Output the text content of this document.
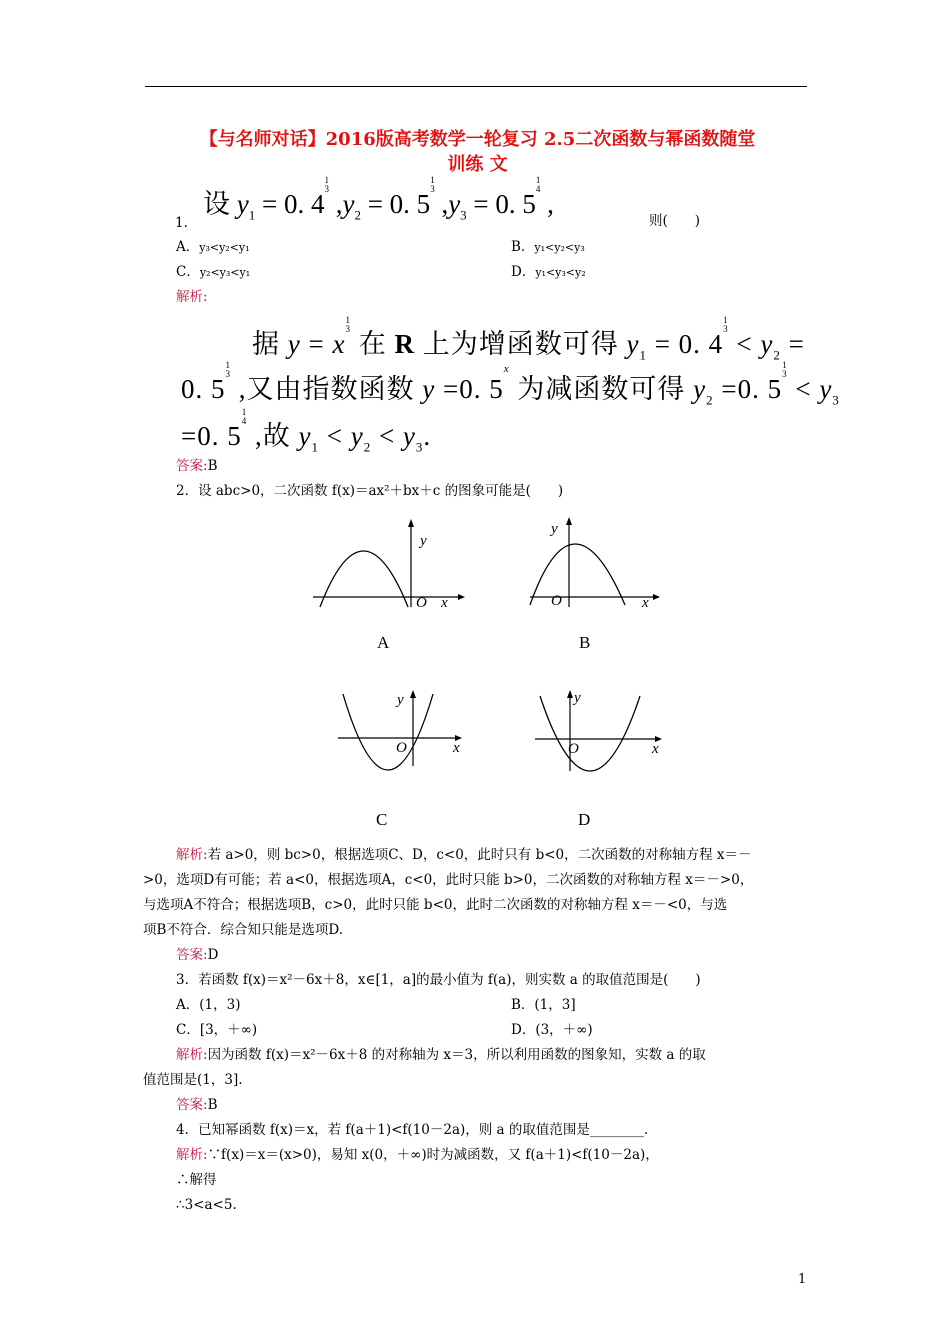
【与名师对话】2016版高考数学一轮复习 2.5二次函数与幂函数随堂
训练 文
1.
设 $y_1 = 0$. 41
3 $,y_2 = 0$. 51
3 $,y_3 = 0$. 51
4 ,
则(　　)
A．y₃<y₂<y₁	B．y₁<y₂<y₃
C．y₂<y₃<y₁	D．y₁<y₃<y₂
解析:
据 y = x1
3 在 R 上为增函数可得 $y_1 = 0$. 41
$3 < y_2$ =
0. 51
3 ,又由指数函数 y =0. 5$^x$ 为减函数可得 $y_2 =0$. 51
$3 < y_3$
=0. 51
4 ,故 $y_1 < y_2 < y_3$.
答案:B
2．设 abc>0，二次函数 f(x)＝ax²＋bx＋c 的图象可能是(　　)
y
O x
A
y
O	x
B
y
O	x
C
y
O	x
D
解析:若 a>0，则 bc>0，根据选项C、D，c<0，此时只有 b<0，二次函数的对称轴方程 x＝－
>0，选项D有可能；若 a<0，根据选项A，c<0，此时只能 b>0，二次函数的对称轴方程 x＝－>0，
与选项A不符合；根据选项B，c>0，此时只能 b<0，此时二次函数的对称轴方程 x＝－<0，与选
项B不符合．综合知只能是选项D.
答案:D
3．若函数 f(x)＝x²－6x＋8，x∈[1，a]的最小值为 f(a)，则实数 a 的取值范围是(　　)
A．(1，3)	B．(1，3]
C．[3，＋∞)	D．(3，＋∞)
解析:因为函数 f(x)＝x²－6x＋8 的对称轴为 x＝3，所以利用函数的图象知，实数 a 的取
值范围是(1，3].
答案:B
4．已知幂函数 f(x)＝x，若 f(a＋1)<f(10－2a)，则 a 的取值范围是________.
解析:∵f(x)＝x＝(x>0)，易知 x(0，＋∞)时为减函数，又 f(a＋1)<f(10－2a)，
∴解得
∴3<a<5.
1
